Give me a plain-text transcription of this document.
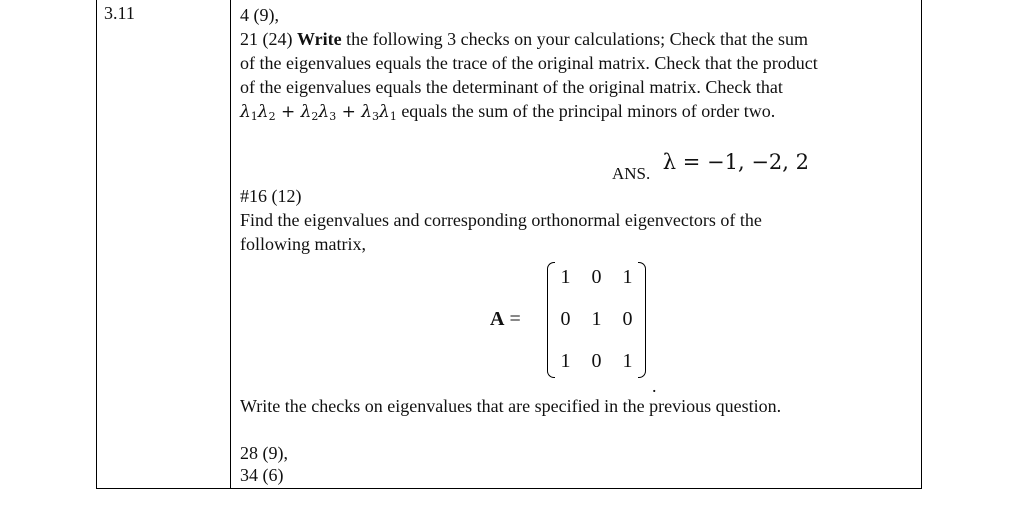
3.11	4 (9),
21 (24) Write the following 3 checks on your calculations; Check that the sum
of the eigenvalues equals the trace of the original matrix. Check that the product
of the eigenvalues equals the determinant of the original matrix. Check that
$\lambda_1\lambda_2 + \lambda_2\lambda_3 + \lambda_3\lambda_1$ equals the sum of the principal minors of order two.
ANS. λ = −1, −2, 2
#16 (12)
Find the eigenvalues and corresponding orthonormal eigenvectors of the
following matrix,
A =
1	0	1
0	1	0
1	0	1
.
Write the checks on eigenvalues that are specified in the previous question.
28 (9),
34 (6)
